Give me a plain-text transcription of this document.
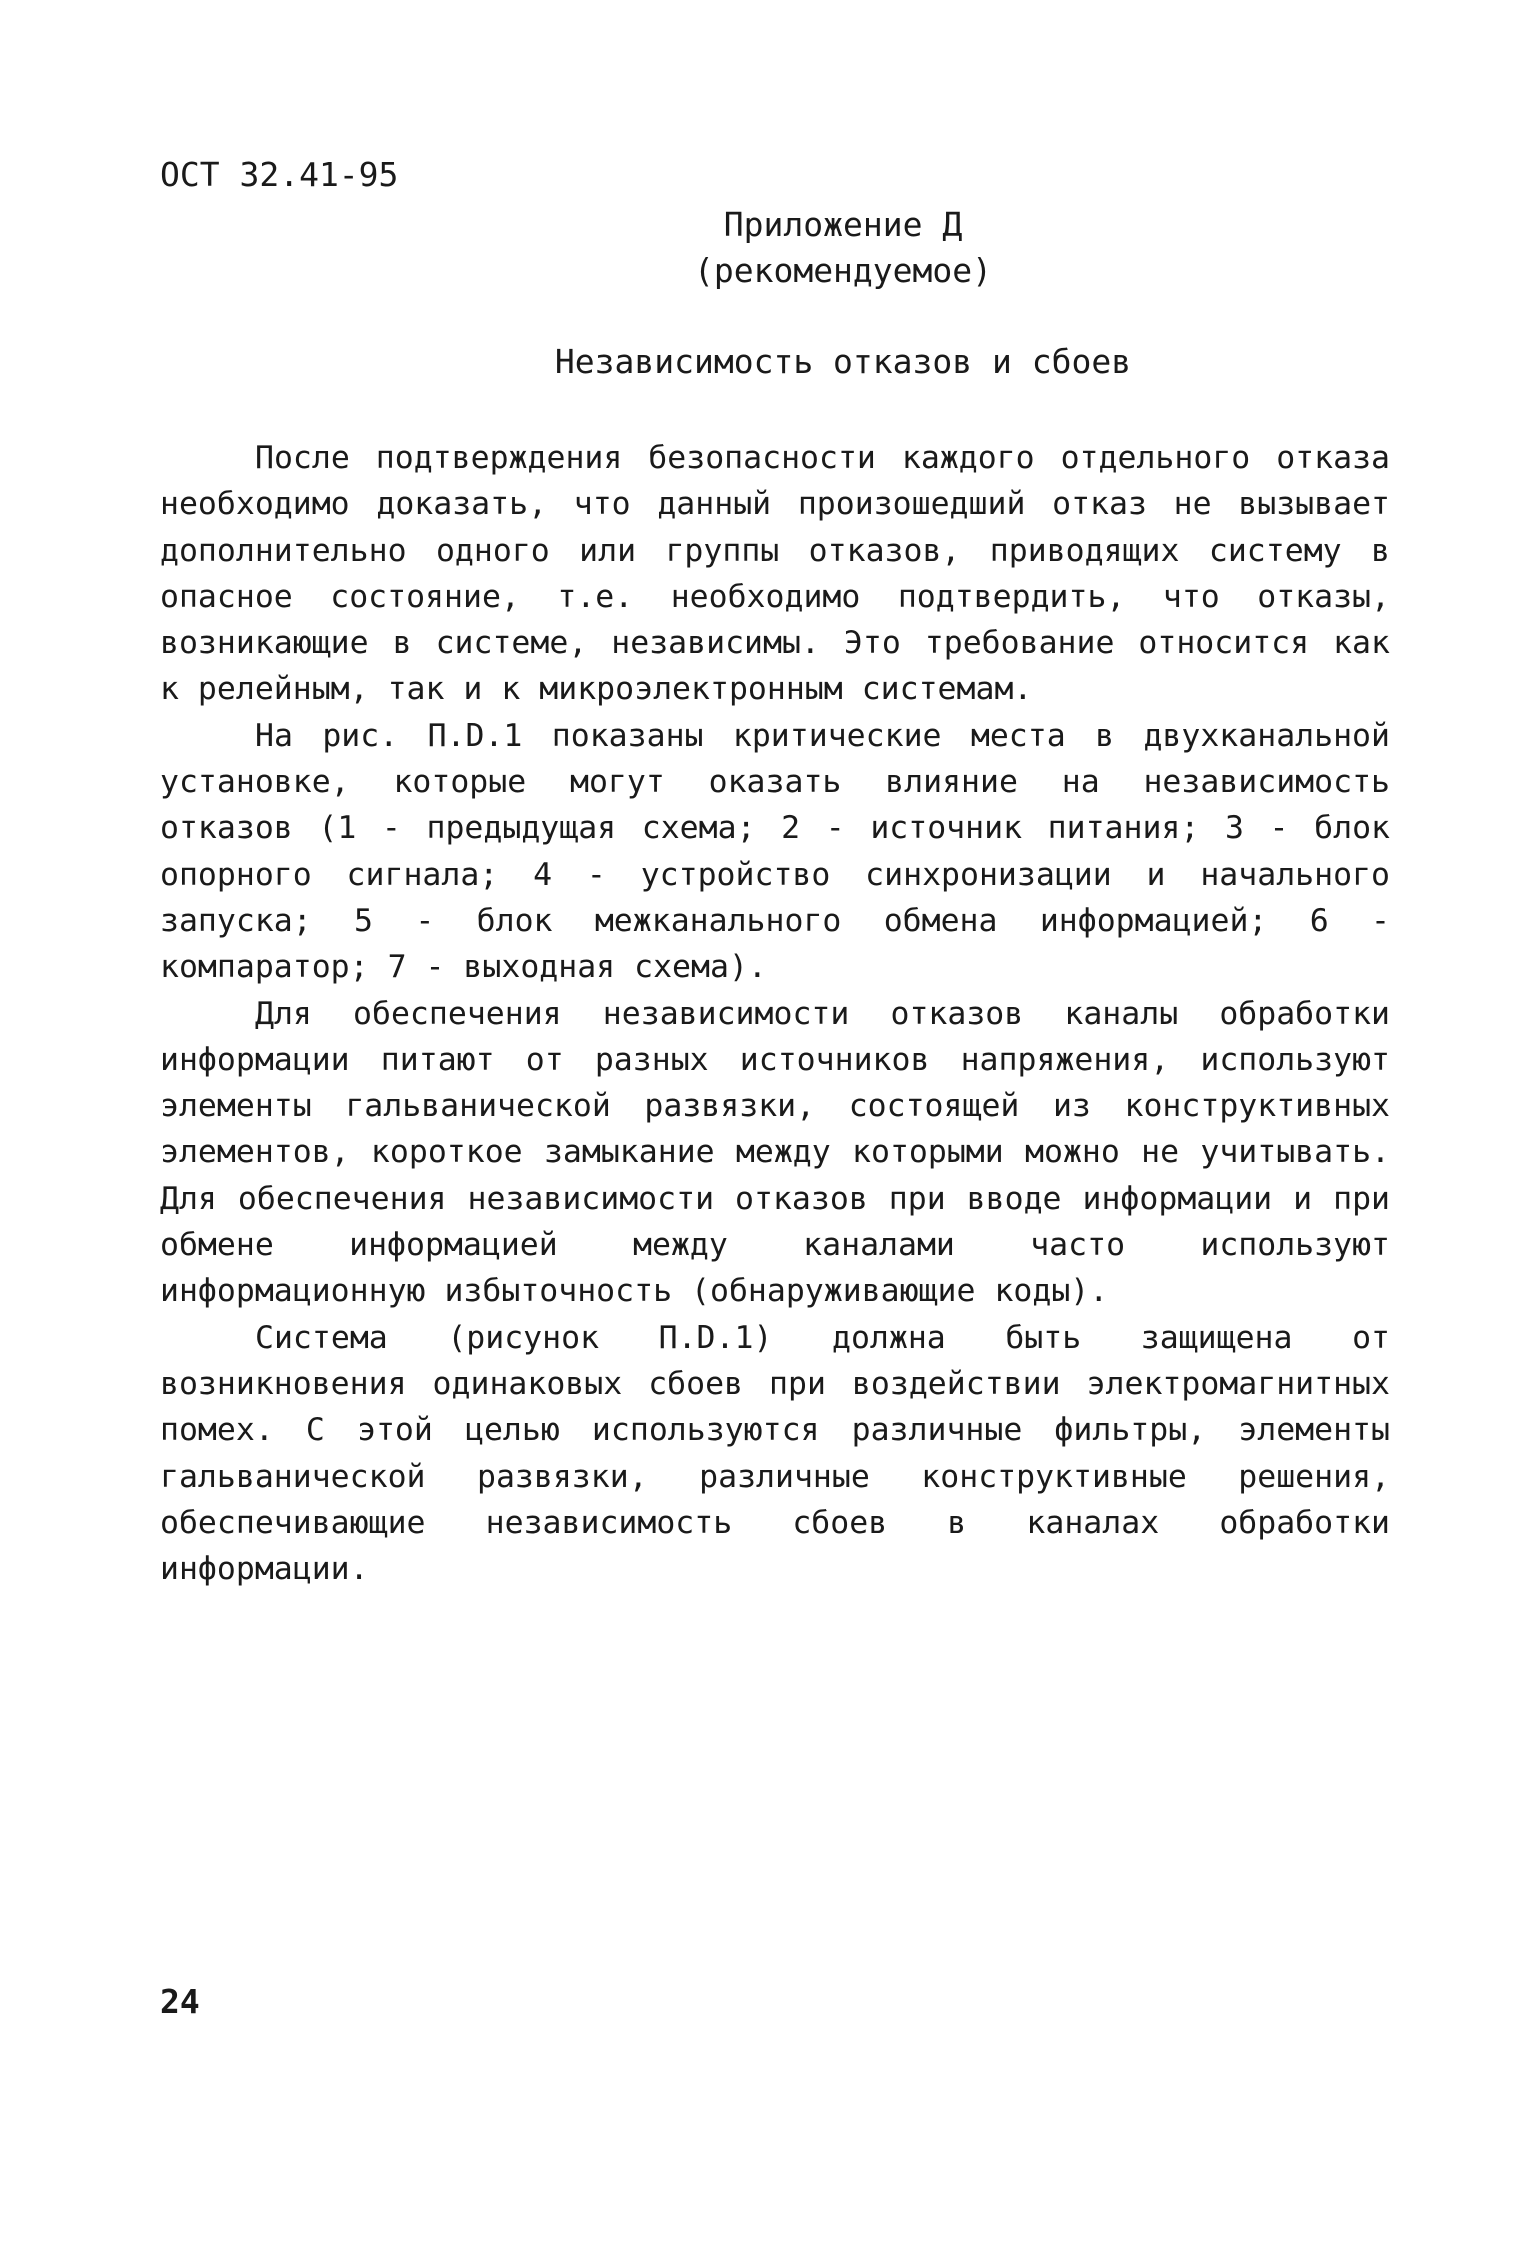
ОСТ 32.41-95
Приложение Д
(рекомендуемое)
Независимость отказов и сбоев

После подтверждения безопасности каждого отдельного отказа необходимо доказать, что данный произошедший отказ не вызывает дополнительно одного или группы отказов, приводящих систему в опасное состояние, т.е. необходимо подтвердить, что отказы, возникающие в системе, независимы. Это требование относится как к релейным, так и к микроэлектронным системам.

На рис. П.D.1 показаны критические места в двухканальной установке, которые могут оказать влияние на независимость отказов (1 - предыдущая схема; 2 - источник питания; 3 - блок опорного сигнала; 4 - устройство синхронизации и начального запуска; 5 - блок межканального обмена информацией; 6 - компаратор; 7 - выходная схема).

Для обеспечения независимости отказов каналы обработки информации питают от разных источников напряжения, используют элементы гальванической развязки, состоящей из конструктивных элементов, короткое замыкание между которыми можно не учитывать. Для обеспечения независимости отказов при вводе информации и при обмене информацией между каналами часто используют информационную избыточность (обнаруживающие коды).

Система (рисунок П.D.1) должна быть защищена от возникновения одинаковых сбоев при воздействии электромагнитных помех. С этой целью используются различные фильтры, элементы гальванической развязки, различные конструктивные решения, обеспечивающие независимость сбоев в каналах обработки информации.

24
